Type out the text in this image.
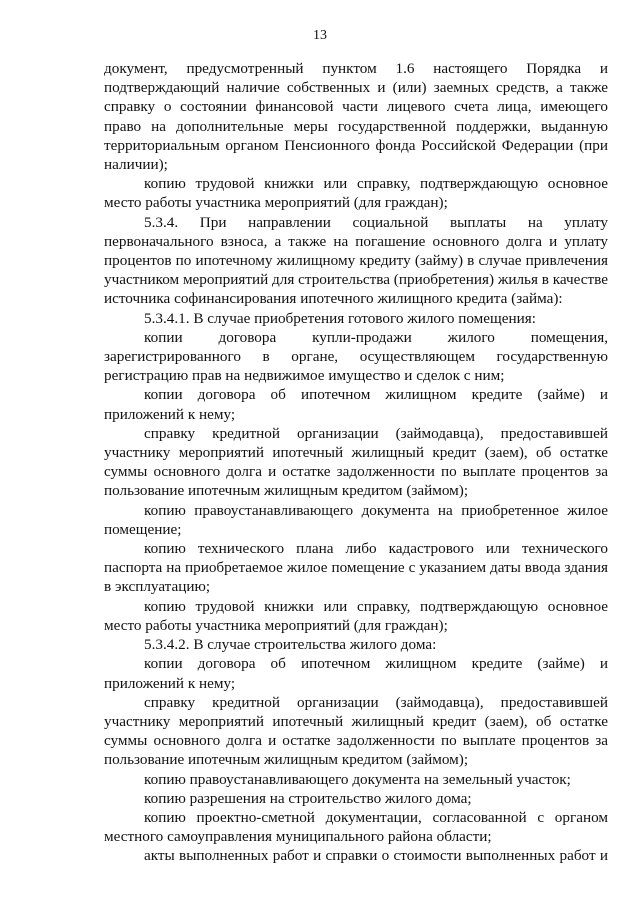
13

документ, предусмотренный пунктом 1.6 настоящего Порядка и подтверждающий наличие собственных и (или) заемных средств, а также справку о состоянии финансовой части лицевого счета лица, имеющего право на дополнительные меры государственной поддержки, выданную территориальным органом Пенсионного фонда Российской Федерации (при наличии);

копию трудовой книжки или справку, подтверждающую основное место работы участника мероприятий (для граждан);

5.3.4. При направлении социальной выплаты на уплату первоначального взноса, а также на погашение основного долга и уплату процентов по ипотечному жилищному кредиту (займу) в случае привлечения участником мероприятий для строительства (приобретения) жилья в качестве источника софинансирования ипотечного жилищного кредита (займа):

5.3.4.1. В случае приобретения готового жилого помещения:

копии договора купли-продажи жилого помещения, зарегистрированного в органе, осуществляющем государственную регистрацию прав на недвижимое имущество и сделок с ним;

копии договора об ипотечном жилищном кредите (займе) и приложений к нему;

справку кредитной организации (займодавца), предоставившей участнику мероприятий ипотечный жилищный кредит (заем), об остатке суммы основного долга и остатке задолженности по выплате процентов за пользование ипотечным жилищным кредитом (займом);

копию правоустанавливающего документа на приобретенное жилое помещение;

копию технического плана либо кадастрового или технического паспорта на приобретаемое жилое помещение с указанием даты ввода здания в эксплуатацию;

копию трудовой книжки или справку, подтверждающую основное место работы участника мероприятий (для граждан);

5.3.4.2. В случае строительства жилого дома:

копии договора об ипотечном жилищном кредите (займе) и приложений к нему;

справку кредитной организации (займодавца), предоставившей участнику мероприятий ипотечный жилищный кредит (заем), об остатке суммы основного долга и остатке задолженности по выплате процентов за пользование ипотечным жилищным кредитом (займом);

копию правоустанавливающего документа на земельный участок;

копию разрешения на строительство жилого дома;

копию проектно-сметной документации, согласованной с органом местного самоуправления муниципального района области;

акты выполненных работ и справки о стоимости выполненных работ и
